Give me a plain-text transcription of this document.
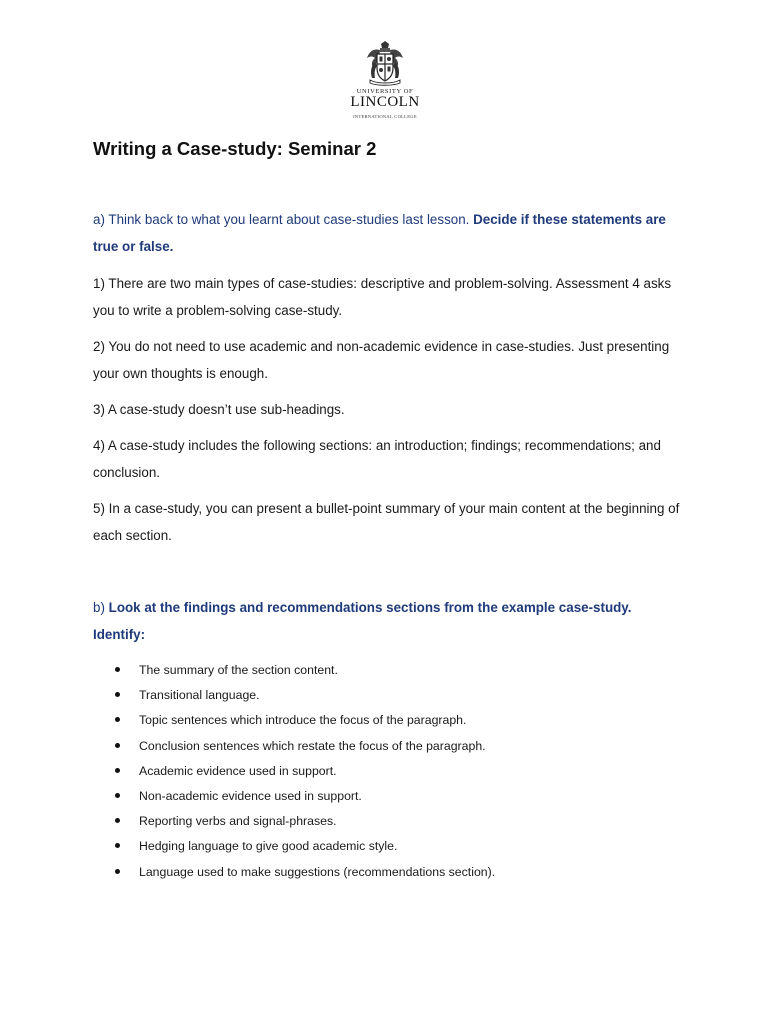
UNIVERSITY OF
LINCOLN
INTERNATIONAL COLLEGE
Writing a Case-study: Seminar 2

a) Think back to what you learnt about case-studies last lesson. Decide if these statements are true or false.

1) There are two main types of case-studies: descriptive and problem-solving. Assessment 4 asks you to write a problem-solving case-study.
2) You do not need to use academic and non-academic evidence in case-studies. Just presenting your own thoughts is enough.
3) A case-study doesn’t use sub-headings.
4) A case-study includes the following sections: an introduction; findings; recommendations; and conclusion.
5) In a case-study, you can present a bullet-point summary of your main content at the beginning of each section.

b) Look at the findings and recommendations sections from the example case-study. Identify:

The summary of the section content.
Transitional language.
Topic sentences which introduce the focus of the paragraph.
Conclusion sentences which restate the focus of the paragraph.
Academic evidence used in support.
Non-academic evidence used in support.
Reporting verbs and signal-phrases.
Hedging language to give good academic style.
Language used to make suggestions (recommendations section).
